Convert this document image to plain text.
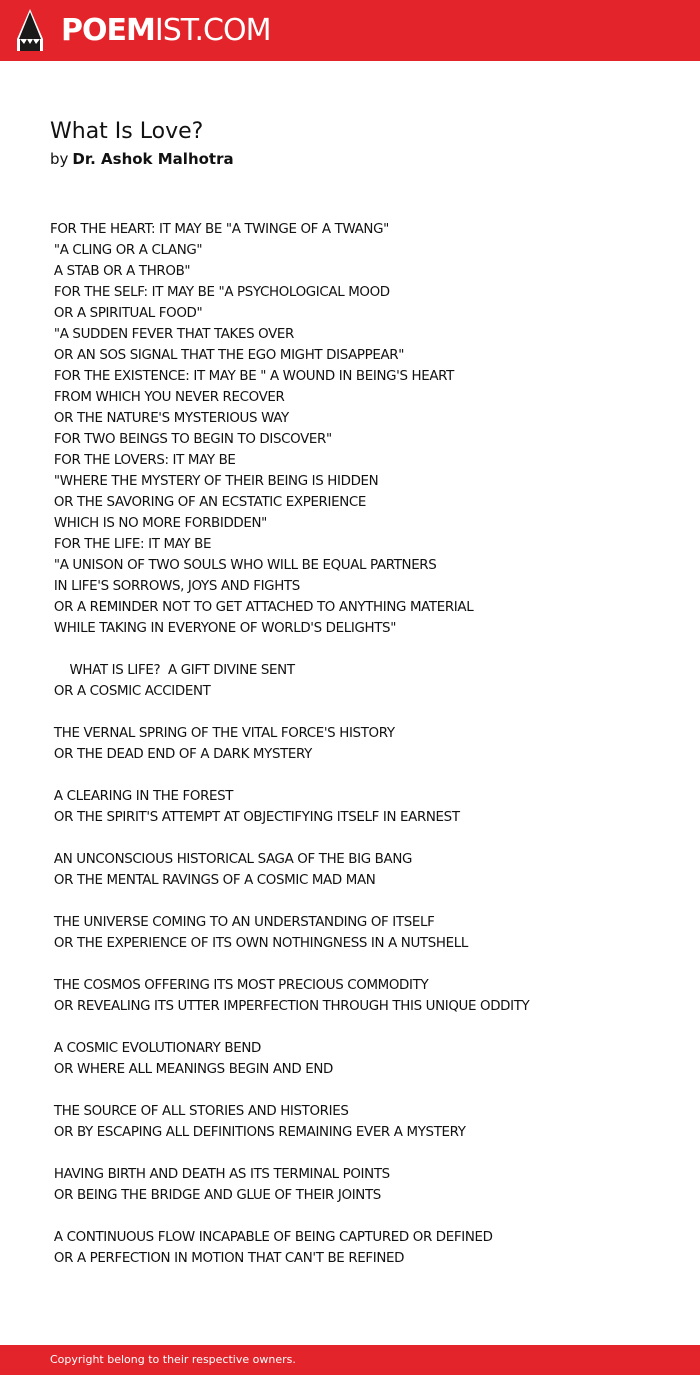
POEMIST.COM
What Is Love?
by Dr. Ashok Malhotra
FOR THE HEART: IT MAY BE "A TWINGE OF A TWANG"
"A CLING OR A CLANG"
A STAB OR A THROB"
FOR THE SELF: IT MAY BE "A PSYCHOLOGICAL MOOD
OR A SPIRITUAL FOOD"
"A SUDDEN FEVER THAT TAKES OVER
OR AN SOS SIGNAL THAT THE EGO MIGHT DISAPPEAR"
FOR THE EXISTENCE: IT MAY BE " A WOUND IN BEING'S HEART
FROM WHICH YOU NEVER RECOVER
OR THE NATURE'S MYSTERIOUS WAY
FOR TWO BEINGS TO BEGIN TO DISCOVER"
FOR THE LOVERS: IT MAY BE
"WHERE THE MYSTERY OF THEIR BEING IS HIDDEN
OR THE SAVORING OF AN ECSTATIC EXPERIENCE
WHICH IS NO MORE FORBIDDEN"
FOR THE LIFE: IT MAY BE
"A UNISON OF TWO SOULS WHO WILL BE EQUAL PARTNERS
IN LIFE'S SORROWS, JOYS AND FIGHTS
OR A REMINDER NOT TO GET ATTACHED TO ANYTHING MATERIAL
WHILE TAKING IN EVERYONE OF WORLD'S DELIGHTS"
WHAT IS LIFE?  A GIFT DIVINE SENT
OR A COSMIC ACCIDENT
THE VERNAL SPRING OF THE VITAL FORCE'S HISTORY
OR THE DEAD END OF A DARK MYSTERY
A CLEARING IN THE FOREST
OR THE SPIRIT'S ATTEMPT AT OBJECTIFYING ITSELF IN EARNEST
AN UNCONSCIOUS HISTORICAL SAGA OF THE BIG BANG
OR THE MENTAL RAVINGS OF A COSMIC MAD MAN
THE UNIVERSE COMING TO AN UNDERSTANDING OF ITSELF
OR THE EXPERIENCE OF ITS OWN NOTHINGNESS IN A NUTSHELL
THE COSMOS OFFERING ITS MOST PRECIOUS COMMODITY
OR REVEALING ITS UTTER IMPERFECTION THROUGH THIS UNIQUE ODDITY
A COSMIC EVOLUTIONARY BEND
OR WHERE ALL MEANINGS BEGIN AND END
THE SOURCE OF ALL STORIES AND HISTORIES
OR BY ESCAPING ALL DEFINITIONS REMAINING EVER A MYSTERY
HAVING BIRTH AND DEATH AS ITS TERMINAL POINTS
OR BEING THE BRIDGE AND GLUE OF THEIR JOINTS
A CONTINUOUS FLOW INCAPABLE OF BEING CAPTURED OR DEFINED
OR A PERFECTION IN MOTION THAT CAN'T BE REFINED
Copyright belong to their respective owners.
